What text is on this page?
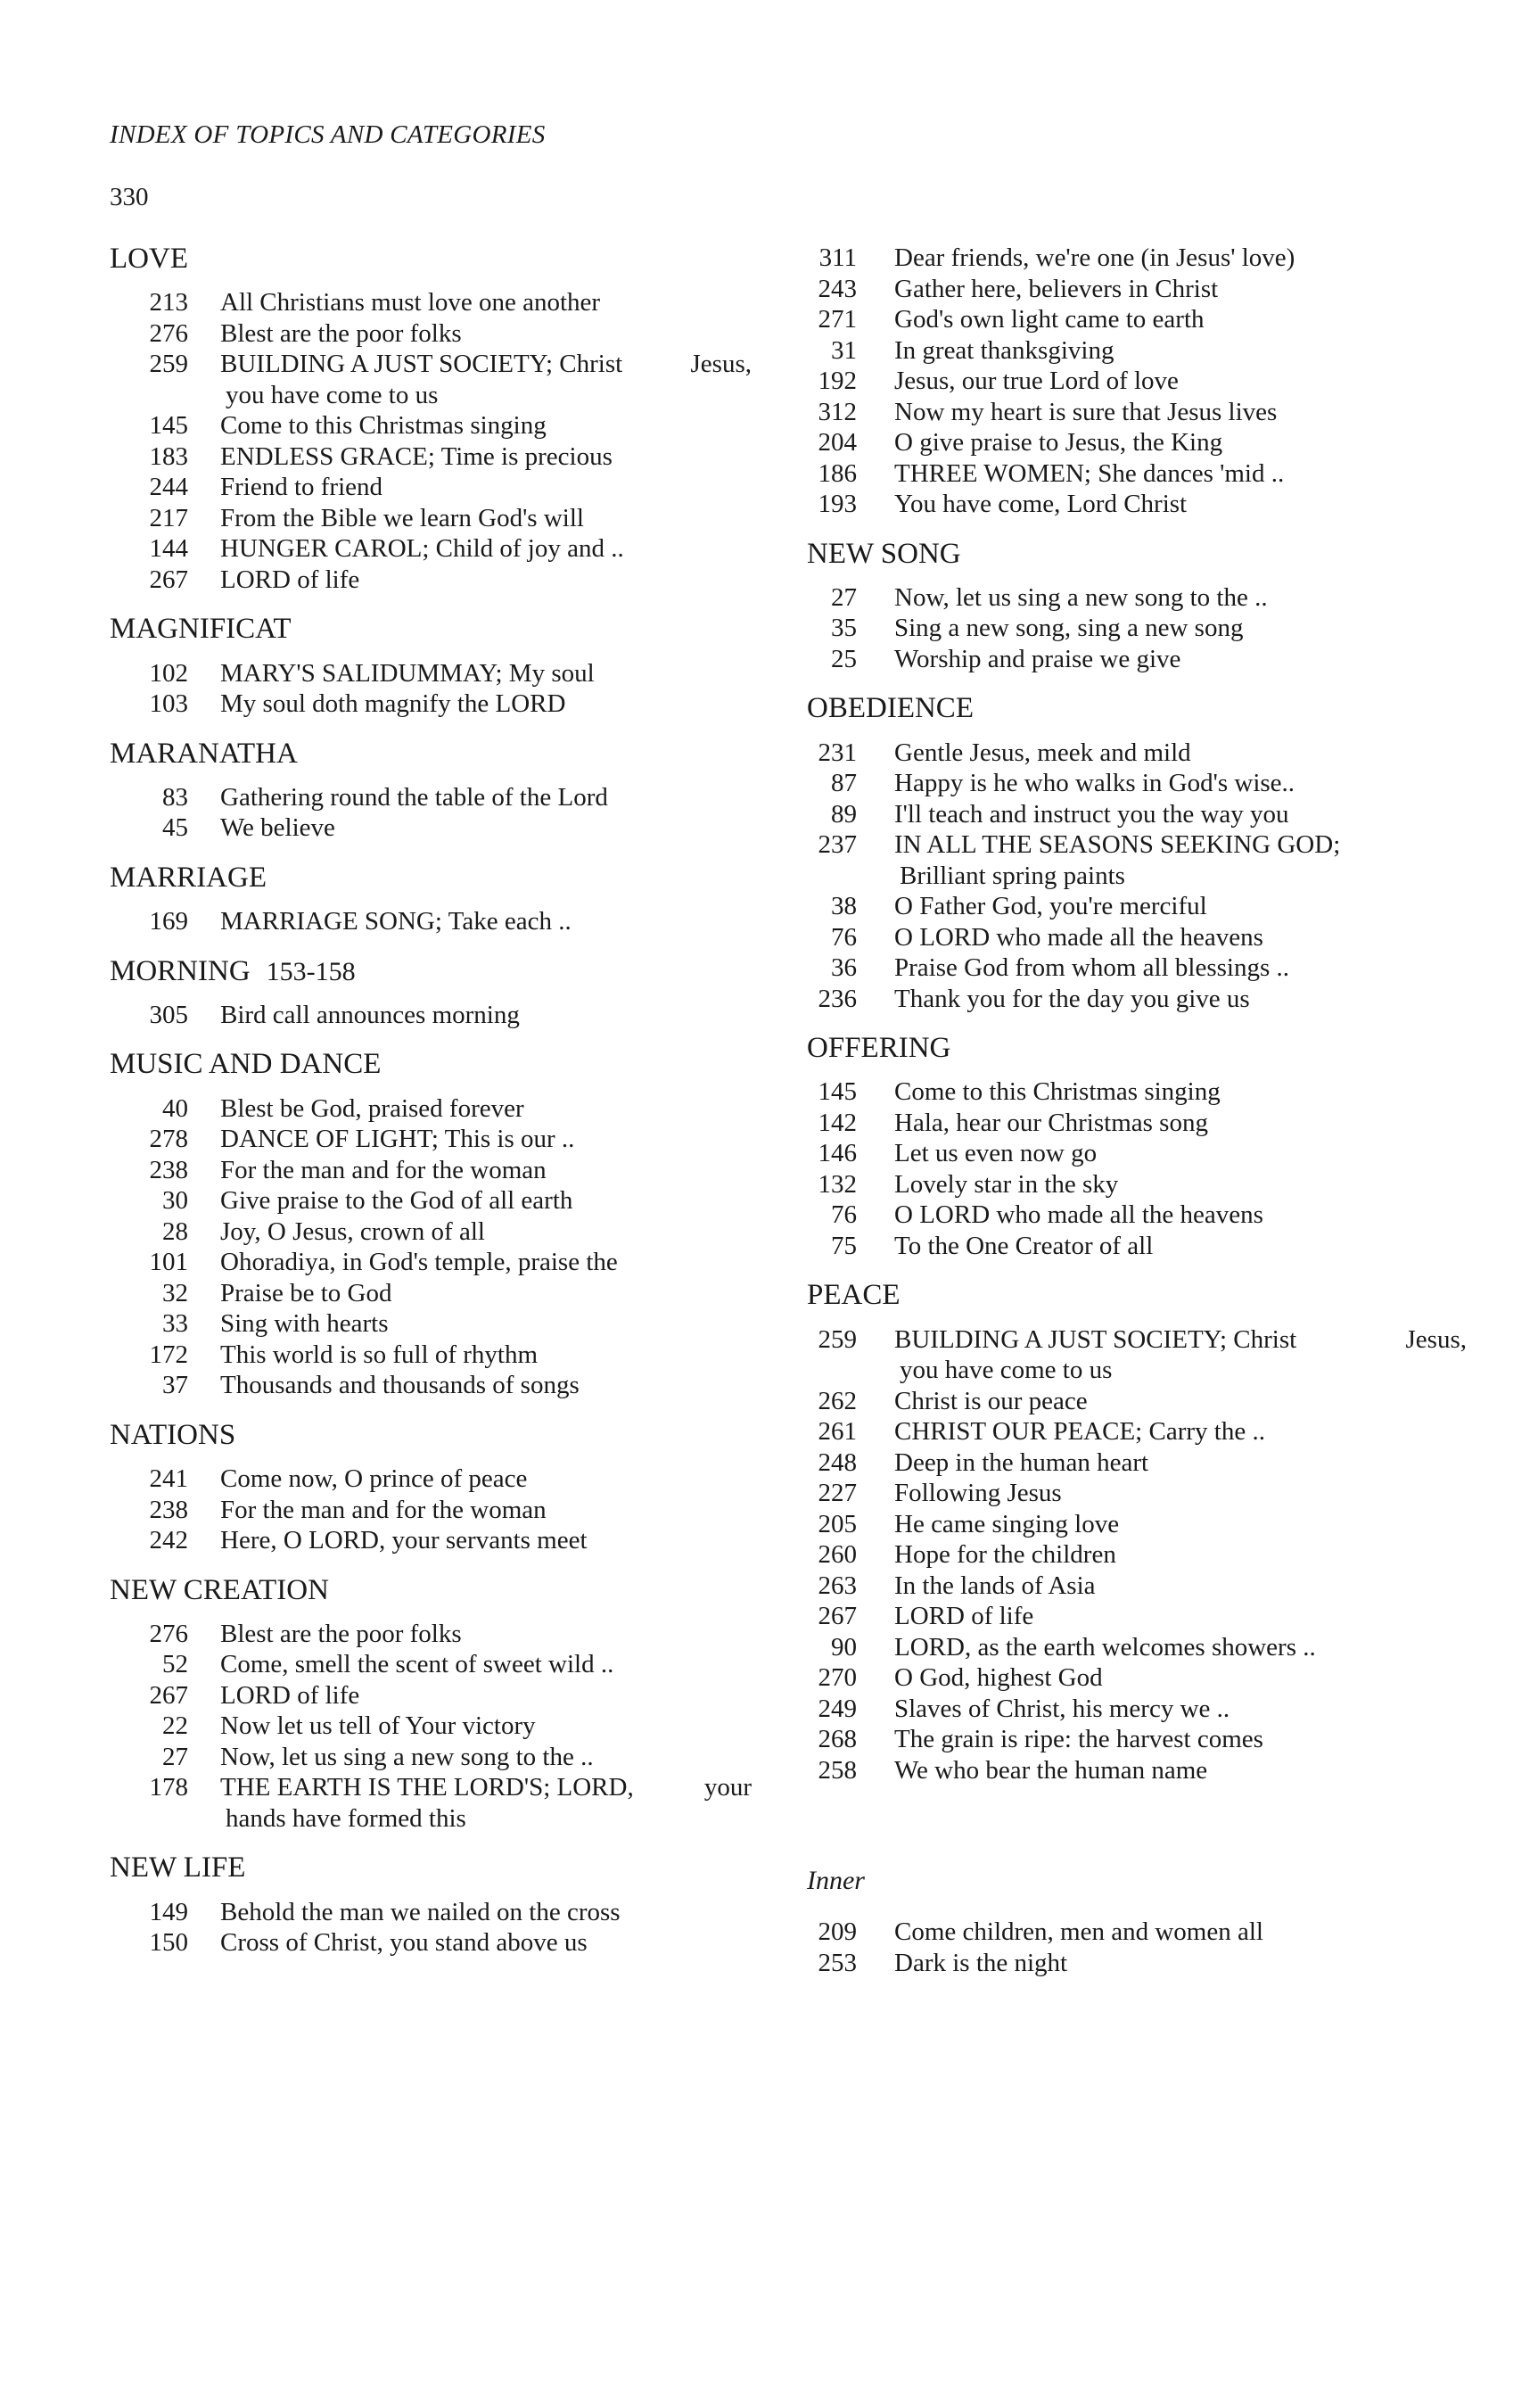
INDEX OF TOPICS AND CATEGORIES
330
LOVE
213 All Christians must love one another
276 Blest are the poor folks
259 BUILDING A JUST SOCIETY; Christ	Jesus,
you have come to us
145 Come to this Christmas singing
183 ENDLESS GRACE; Time is precious
244 Friend to friend
217 From the Bible we learn God's will
144 HUNGER CAROL; Child of joy and ..
267 LORD of life
MAGNIFICAT
102 MARY'S SALIDUMMAY; My soul
103 My soul doth magnify the LORD
MARANATHA
83 Gathering round the table of the Lord
45 We believe
MARRIAGE
169 MARRIAGE SONG; Take each ..
MORNING 153-158
305 Bird call announces morning
MUSIC AND DANCE
40 Blest be God, praised forever
278 DANCE OF LIGHT; This is our ..
238 For the man and for the woman
30 Give praise to the God of all earth
28 Joy, O Jesus, crown of all
101 Ohoradiya, in God's temple, praise the
32 Praise be to God
33 Sing with hearts
172 This world is so full of rhythm
37 Thousands and thousands of songs
NATIONS
241 Come now, O prince of peace
238 For the man and for the woman
242 Here, O LORD, your servants meet
NEW CREATION
276 Blest are the poor folks
52 Come, smell the scent of sweet wild ..
267 LORD of life
22 Now let us tell of Your victory
27 Now, let us sing a new song to the ..
178 THE EARTH IS THE LORD'S; LORD,	your
hands have formed this
NEW LIFE
149 Behold the man we nailed on the cross
150 Cross of Christ, you stand above us
311 Dear friends, we're one (in Jesus' love)
243 Gather here, believers in Christ
271 God's own light came to earth
31 In great thanksgiving
192 Jesus, our true Lord of love
312 Now my heart is sure that Jesus lives
204 O give praise to Jesus, the King
186 THREE WOMEN; She dances 'mid ..
193 You have come, Lord Christ
NEW SONG
27 Now, let us sing a new song to the ..
35 Sing a new song, sing a new song
25 Worship and praise we give
OBEDIENCE
231 Gentle Jesus, meek and mild
87 Happy is he who walks in God's wise..
89 I'll teach and instruct you the way you
237 IN ALL THE SEASONS SEEKING GOD;
Brilliant spring paints
38 O Father God, you're merciful
76 O LORD who made all the heavens
36 Praise God from whom all blessings ..
236 Thank you for the day you give us
OFFERING
145 Come to this Christmas singing
142 Hala, hear our Christmas song
146 Let us even now go
132 Lovely star in the sky
76 O LORD who made all the heavens
75 To the One Creator of all
PEACE
259 BUILDING A JUST SOCIETY; Christ	Jesus,
you have come to us
262 Christ is our peace
261 CHRIST OUR PEACE; Carry the ..
248 Deep in the human heart
227 Following Jesus
205 He came singing love
260 Hope for the children
263 In the lands of Asia
267 LORD of life
90 LORD, as the earth welcomes showers ..
270 O God, highest God
249 Slaves of Christ, his mercy we ..
268 The grain is ripe: the harvest comes
258 We who bear the human name
Inner
209 Come children, men and women all
253 Dark is the night
